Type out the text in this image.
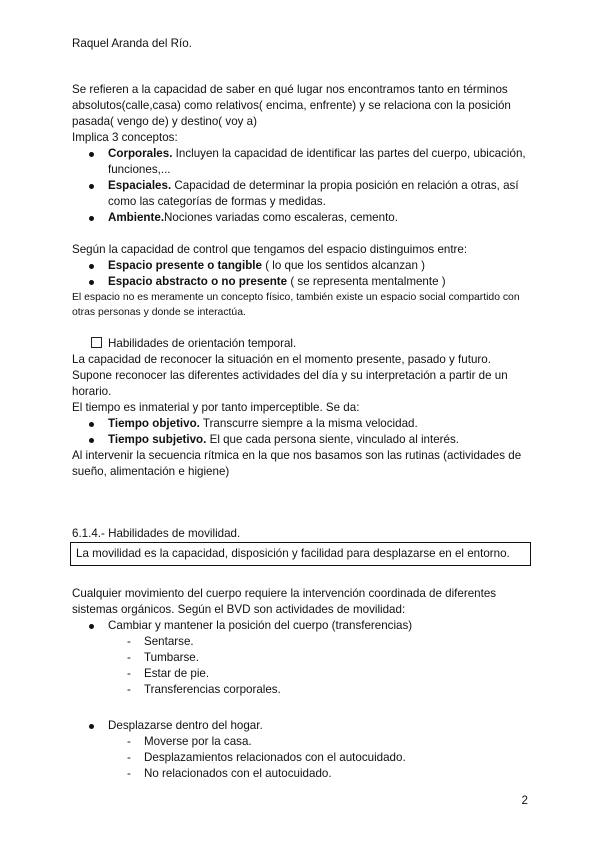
Raquel Aranda del Río.

Se refieren a la capacidad de saber en qué lugar nos encontramos tanto en términos absolutos(calle,casa) como relativos( encima, enfrente) y se relaciona con la posición pasada( vengo de) y destino( voy a)

Implica 3 conceptos:

Corporales. Incluyen la capacidad de identificar las partes del cuerpo, ubicación, funciones,...
Espaciales. Capacidad de determinar la propia posición en relación a otras, así como las categorías de formas y medidas.
Ambiente.Nociones variadas como escaleras, cemento.

Según la capacidad de control que tengamos del espacio distinguimos entre:

Espacio presente o tangible ( lo que los sentidos alcanzan )
Espacio abstracto o no presente ( se representa mentalmente )

El espacio no es meramente un concepto físico, también existe un espacio social compartido con otras personas y donde se interactúa.

Habilidades de orientación temporal.

La capacidad de reconocer la situación en el momento presente, pasado y futuro.

Supone reconocer las diferentes actividades del día y su interpretación a partir de un horario.

El tiempo es inmaterial y por tanto imperceptible. Se da:

Tiempo objetivo. Transcurre siempre a la misma velocidad.
Tiempo subjetivo. El que cada persona siente, vinculado al interés.

Al intervenir la secuencia rítmica en la que nos basamos son las rutinas (actividades de sueño, alimentación e higiene)

6.1.4.- Habilidades de movilidad.

La movilidad es la capacidad, disposición y facilidad para desplazarse en el entorno.

Cualquier movimiento del cuerpo requiere la intervención coordinada de diferentes sistemas orgánicos. Según el BVD son actividades de movilidad:

Cambiar y mantener la posición del cuerpo (transferencias)
- Sentarse.
- Tumbarse.
- Estar de pie.
- Transferencias corporales.
Desplazarse dentro del hogar.
- Moverse por la casa.
- Desplazamientos relacionados con el autocuidado.
- No relacionados con el autocuidado.
2
